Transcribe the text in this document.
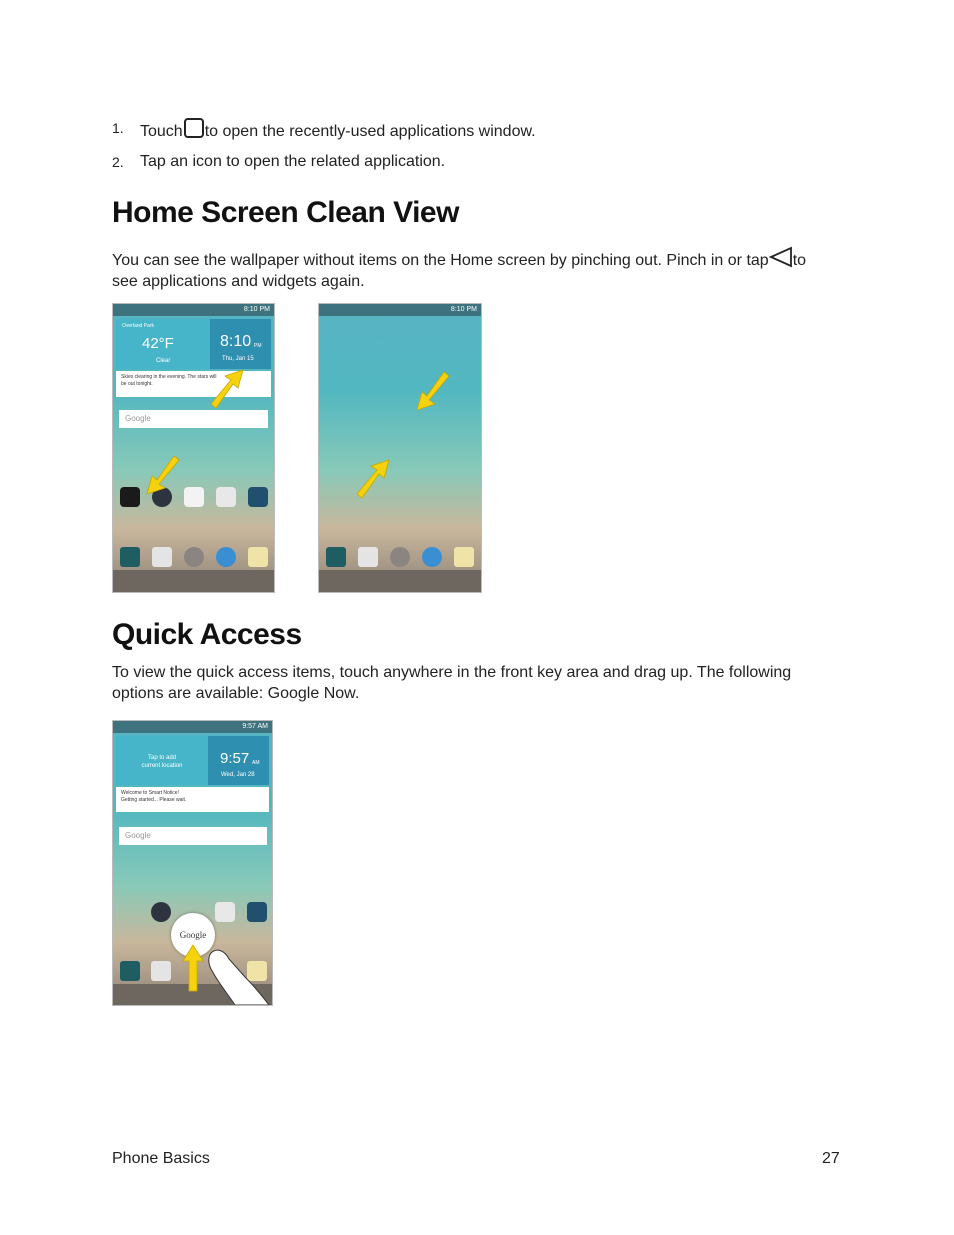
1. Touch to open the recently-used applications window.
2. Tap an icon to open the related application.
Home Screen Clean View
You can see the wallpaper without items on the Home screen by pinching out. Pinch in or tap to see applications and widgets again.
8:10 PM
Overland Park
42°F
Clear
8:10 PM
Thu, Jan 15
Skies clearing in the evening. The stars will
be out tonight.
Google
8:10 PM
Quick Access
To view the quick access items, touch anywhere in the front key area and drag up. The following options are available: Google Now.
9:57 AM
Tap to add
current location	9:57 AM
Wed, Jan 28
Welcome to Smart Notice!
Getting started... Please wait.
Google
Google
Phone Basics	27
